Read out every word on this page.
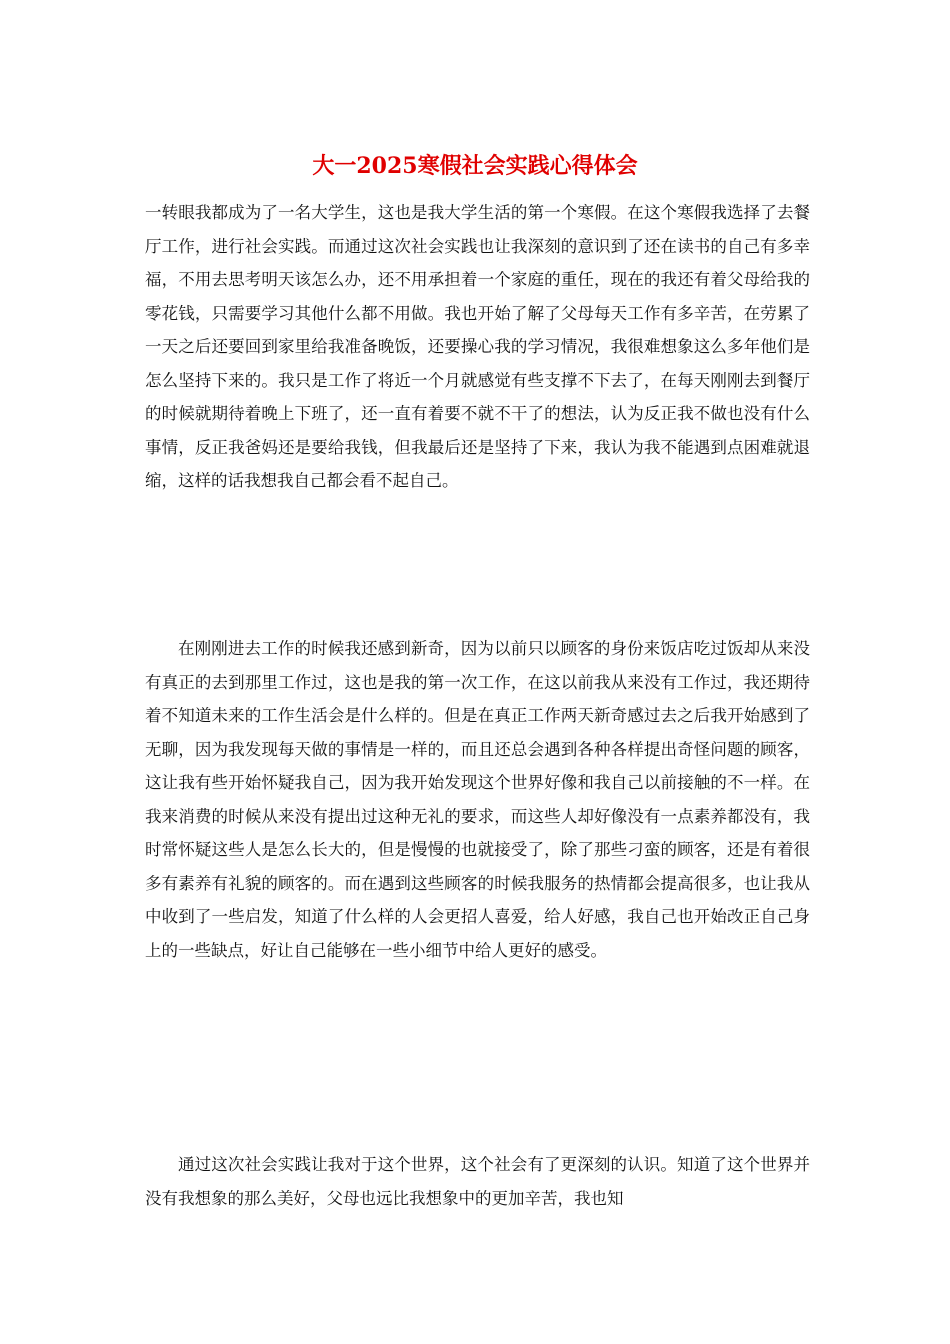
大一2025寒假社会实践心得体会

一转眼我都成为了一名大学生，这也是我大学生活的第一个寒假。在这个寒假我选择了去餐厅工作，进行社会实践。而通过这次社会实践也让我深刻的意识到了还在读书的自己有多幸福，不用去思考明天该怎么办，还不用承担着一个家庭的重任，现在的我还有着父母给我的零花钱，只需要学习其他什么都不用做。我也开始了解了父母每天工作有多辛苦，在劳累了一天之后还要回到家里给我准备晚饭，还要操心我的学习情况，我很难想象这么多年他们是怎么坚持下来的。我只是工作了将近一个月就感觉有些支撑不下去了，在每天刚刚去到餐厅的时候就期待着晚上下班了，还一直有着要不就不干了的想法，认为反正我不做也没有什么事情，反正我爸妈还是要给我钱，但我最后还是坚持了下来，我认为我不能遇到点困难就退缩，这样的话我想我自己都会看不起自己。

在刚刚进去工作的时候我还感到新奇，因为以前只以顾客的身份来饭店吃过饭却从来没有真正的去到那里工作过，这也是我的第一次工作，在这以前我从来没有工作过，我还期待着不知道未来的工作生活会是什么样的。但是在真正工作两天新奇感过去之后我开始感到了无聊，因为我发现每天做的事情是一样的，而且还总会遇到各种各样提出奇怪问题的顾客，这让我有些开始怀疑我自己，因为我开始发现这个世界好像和我自己以前接触的不一样。在我来消费的时候从来没有提出过这种无礼的要求，而这些人却好像没有一点素养都没有，我时常怀疑这些人是怎么长大的，但是慢慢的也就接受了，除了那些刁蛮的顾客，还是有着很多有素养有礼貌的顾客的。而在遇到这些顾客的时候我服务的热情都会提高很多，也让我从中收到了一些启发，知道了什么样的人会更招人喜爱，给人好感，我自己也开始改正自己身上的一些缺点，好让自己能够在一些小细节中给人更好的感受。

通过这次社会实践让我对于这个世界，这个社会有了更深刻的认识。知道了这个世界并没有我想象的那么美好，父母也远比我想象中的更加辛苦，我也知
